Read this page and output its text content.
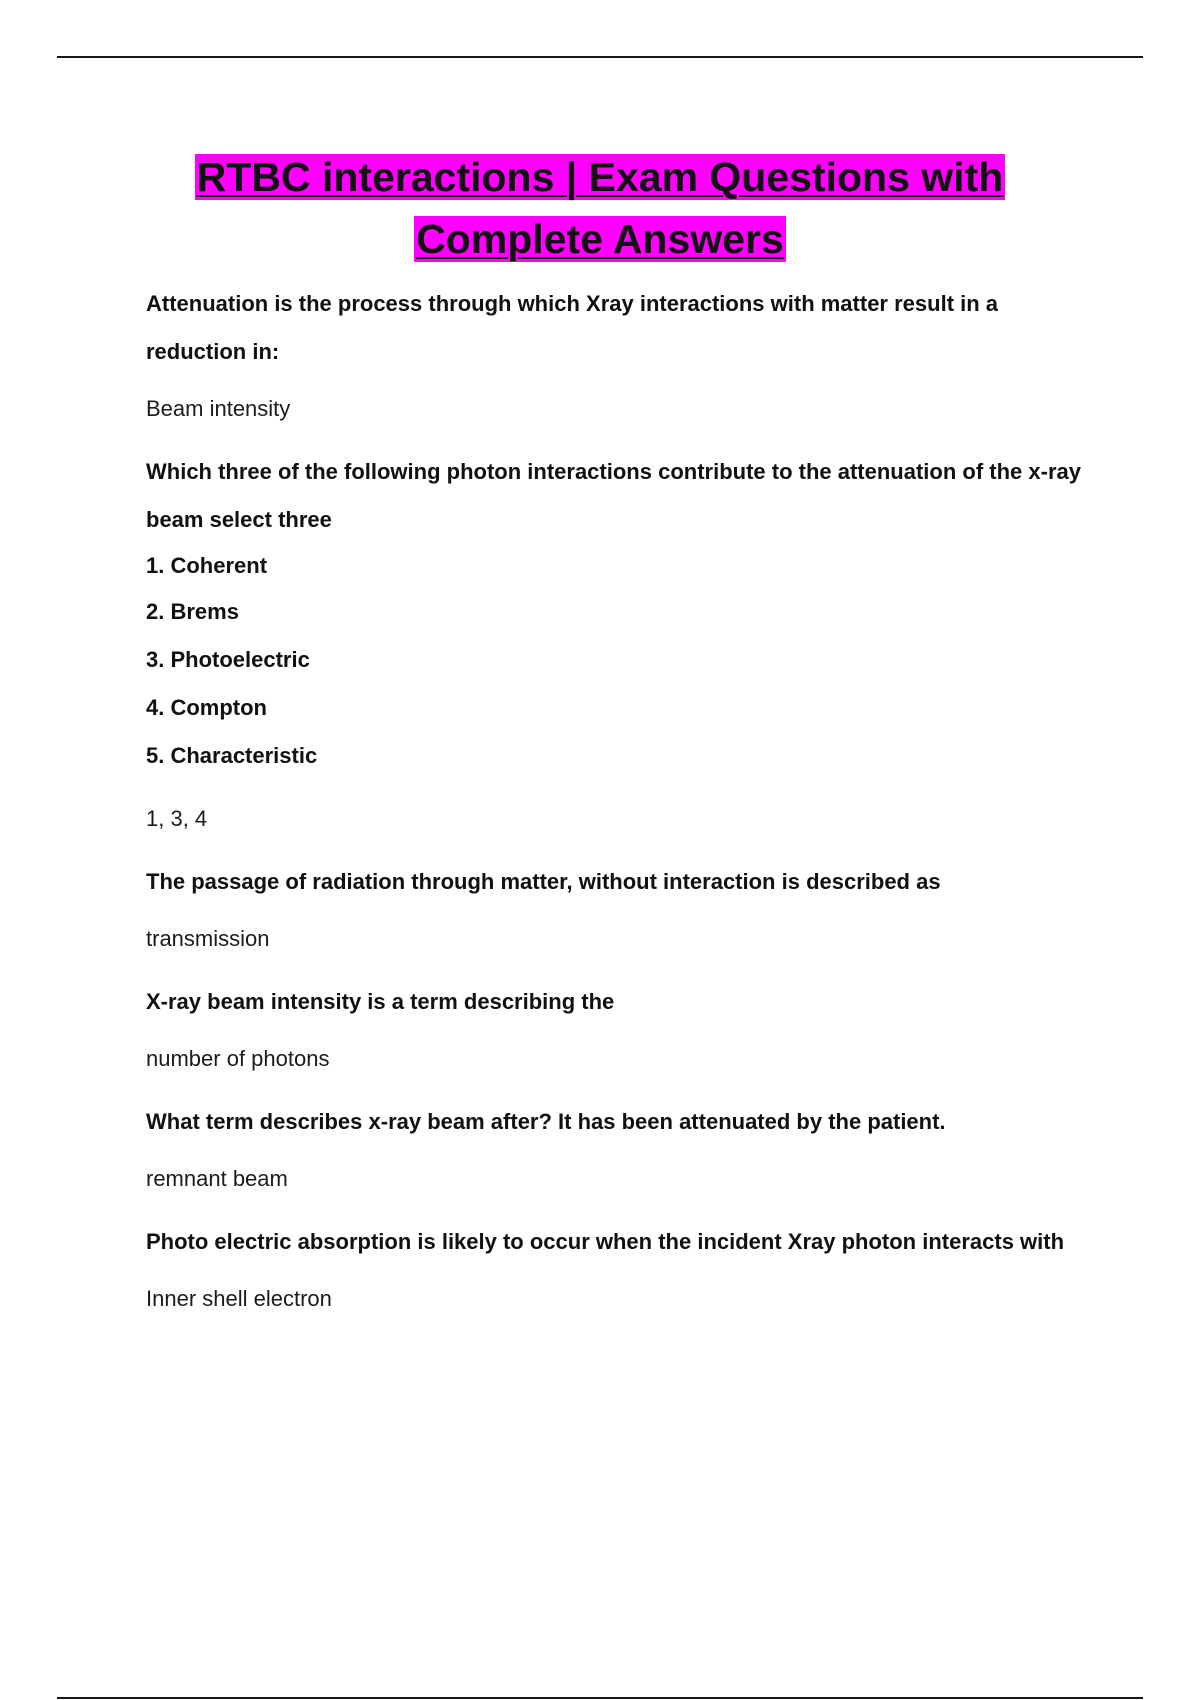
RTBC interactions | Exam Questions with
Complete Answers

Attenuation is the process through which Xray interactions with matter result in a reduction in:

Beam intensity

Which three of the following photon interactions contribute to the attenuation of the x-ray beam select three

1. Coherent

2. Brems

3. Photoelectric

4. Compton

5. Characteristic

1, 3, 4

The passage of radiation through matter, without interaction is described as

transmission

X-ray beam intensity is a term describing the

number of photons

What term describes x-ray beam after? It has been attenuated by the patient.

remnant beam

Photo electric absorption is likely to occur when the incident Xray photon interacts with

Inner shell electron
